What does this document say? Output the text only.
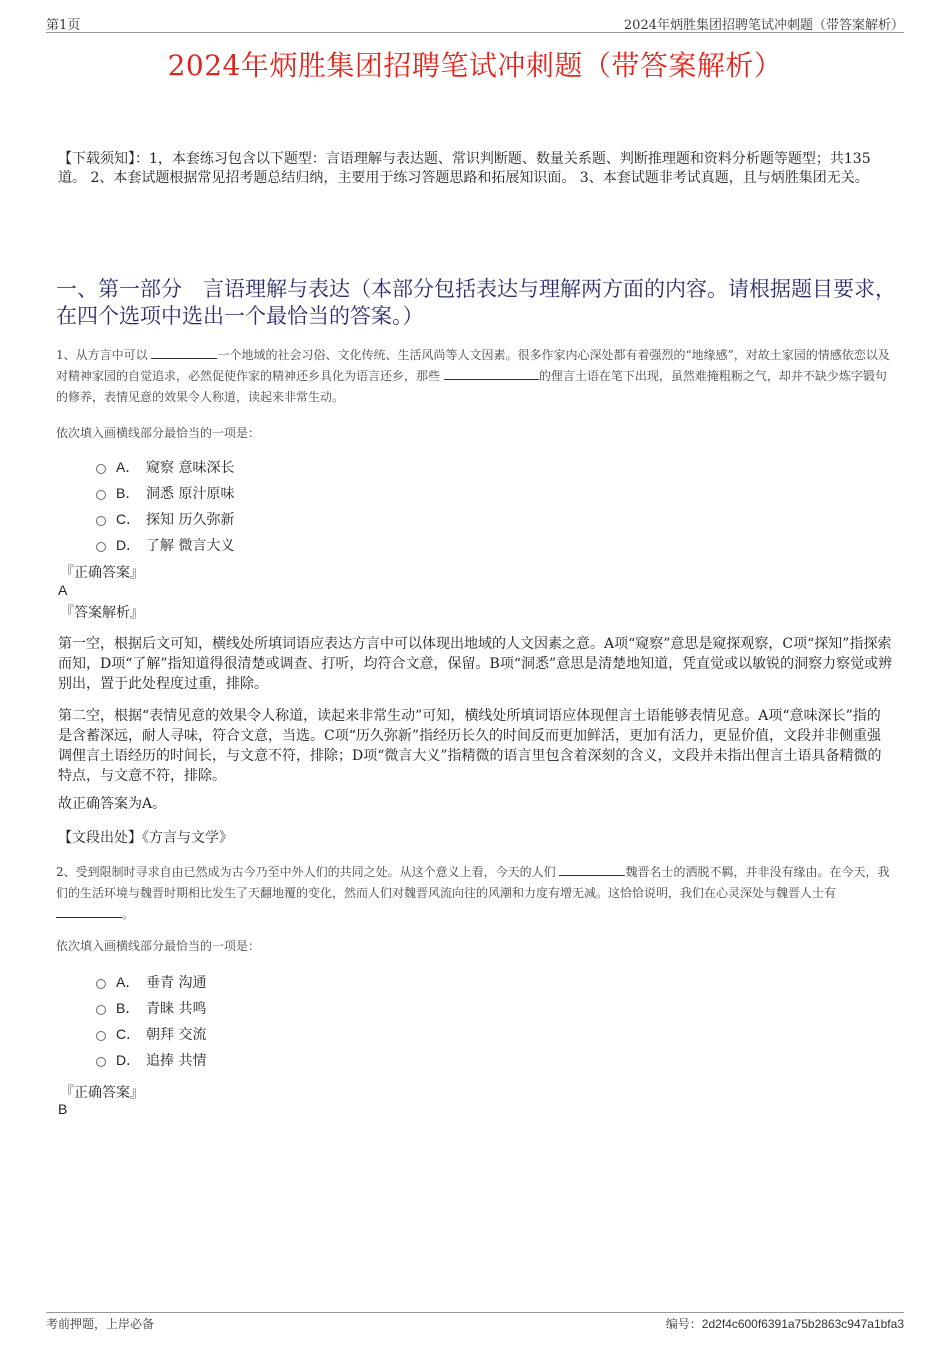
第1页	2024年炳胜集团招聘笔试冲刺题（带答案解析）
2024年炳胜集团招聘笔试冲刺题（带答案解析）
【下载须知】：1，本套练习包含以下题型：言语理解与表达题、常识判断题、数量关系题、判断推理题和资料分析题等题型；共135道。 2、本套试题根据常见招考题总结归纳，主要用于练习答题思路和拓展知识面。 3、本套试题非考试真题，且与炳胜集团无关。
一、第一部分　言语理解与表达（本部分包括表达与理解两方面的内容。请根据题目要求，在四个选项中选出一个最恰当的答案。）
1、从方言中可以	一个地域的社会习俗、文化传统、生活风尚等人文因素。很多作家内心深处都有着强烈的“地缘感”，对故土家园的情感依恋以及对精神家园的自觉追求，必然促使作家的精神还乡具化为语言还乡，那些	的俚言土语在笔下出现，虽然难掩粗粝之气，却并不缺少炼字锻句的修养，表情见意的效果令人称道，读起来非常生动。
依次填入画横线部分最恰当的一项是：
A． 窥察 意味深长
B． 洞悉 原汁原味
C． 探知 历久弥新
D． 了解 微言大义
『正确答案』
A
『答案解析』
第一空，根据后文可知，横线处所填词语应表达方言中可以体现出地域的人文因素之意。A项“窥察”意思是窥探观察，C项“探知”指探索而知，D项“了解”指知道得很清楚或调查、打听，均符合文意，保留。B项“洞悉”意思是清楚地知道，凭直觉或以敏锐的洞察力察觉或辨别出，置于此处程度过重，排除。
第二空，根据“表情见意的效果令人称道，读起来非常生动”可知，横线处所填词语应体现俚言土语能够表情见意。A项“意味深长”指的是含蓄深远，耐人寻味，符合文意，当选。C项“历久弥新”指经历长久的时间反而更加鲜活，更加有活力，更显价值，文段并非侧重强调俚言土语经历的时间长，与文意不符，排除；D项“微言大义”指精微的语言里包含着深刻的含义，文段并未指出俚言土语具备精微的特点，与文意不符，排除。
故正确答案为A。
【文段出处】《方言与文学》
2、受到限制时寻求自由已然成为古今乃至中外人们的共同之处。从这个意义上看，今天的人们	魏晋名士的洒脱不羁，并非没有缘由。在今天，我们的生活环境与魏晋时期相比发生了天翻地覆的变化，然而人们对魏晋风流向往的风潮和力度有增无减。这恰恰说明，我们在心灵深处与魏晋人士有 。
依次填入画横线部分最恰当的一项是：
A． 垂青 沟通
B． 青睐 共鸣
C． 朝拜 交流
D． 追捧 共情
『正确答案』
B
考前押题，上岸必备	编号：2d2f4c600f6391a75b2863c947a1bfa3
